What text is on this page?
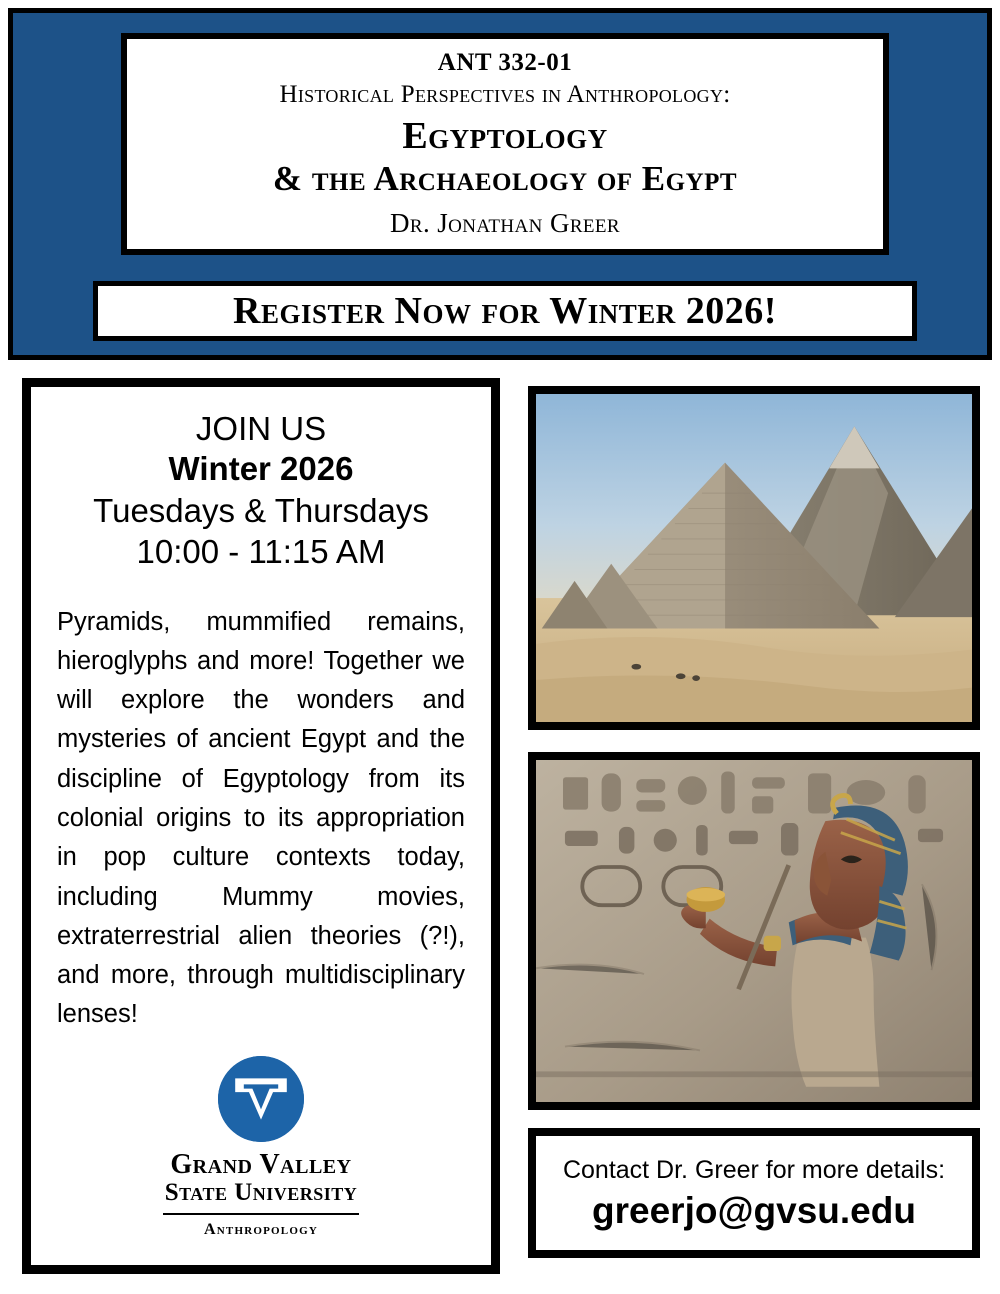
ANT 332-01
Historical Perspectives in Anthropology:
Egyptology
& the Archaeology of Egypt
Dr. Jonathan Greer
Register Now for Winter 2026!
JOIN US
Winter 2026
Tuesdays & Thursdays
10:00 - 11:15 AM
Pyramids, mummified remains, hieroglyphs and more! Together we will explore the wonders and mysteries of ancient Egypt and the discipline of Egyptology from its colonial origins to its appropriation in pop culture contexts today, including Mummy movies, extraterrestrial alien theories (?!), and more, through multidisciplinary lenses!
Grand Valley
State University
Anthropology
Contact Dr. Greer for more details:
greerjo@gvsu.edu
